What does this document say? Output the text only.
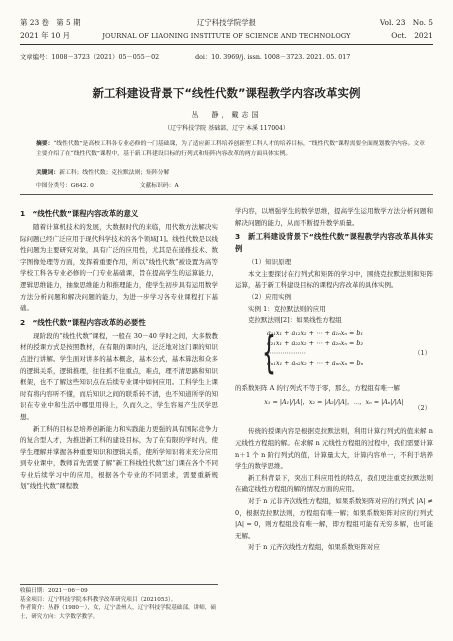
第 23 卷　第 5 期	辽宁科技学院学报	Vol. 23　No. 5
2021 年 10 月	JOURNAL OF LIAONING INSTITUTE OF SCIENCE AND TECHNOLOGY	Oct.　2021
文章编号：1008－3723（2021）05－055－02	doi：10. 3969/j. issn. 1008－3723. 2021. 05. 017
新工科建设背景下“线性代数”课程教学内容改革实例
丛　静，戴志国
（辽宁科技学院 基础部，辽宁 本溪 117004）
摘要：“线性代数”是高校工科各专业必修的一门基础课，为了适应新工科培养创新型工科人才的培养目标，“线性代数”课程需要全面规划教学内容。文章主要介绍了在“线性代数”课程中，基于新工科建设目标的行列式和矩阵内容改革的两方面具体实例。
关键词：新工科；线性代数；克拉默法则；矩阵分解
中图分类号：G642. 0	文献标识码：A
1　“线性代数”课程内容改革的意义

随着计算机技术的发展，大数据时代的来临，用代数方法解决实际问题已经广泛应用于现代科学技术的各个领域[1]。线性代数是以线性问题为主要研究对象，具有广泛的应用性，尤其是在递推技术、数字图像处理等方面，发挥着重要作用，所以“线性代数”被设置为高等学校工科各专业必修的一门专业基础课，旨在提高学生的运算能力，逻辑思维能力，抽象思维能力和推理能力，使学生初步具有运用数学方法分析问题和解决问题的能力，为进一步学习各专业课程打下基础。

2　“线性代数”课程内容改革的必要性

现阶段的“线性代数”课程，一般在 30－40 学时之间，大多数教材的授课方式是按照教材，在有限的课时内，泛泛地对这门课的知识点进行讲解。学生面对讲多的基本概念，基本公式，基本算法和众多的逻辑关系，逻辑推理，往往抓不住重点，难点，理不清思路和知识框架，也不了解这些知识点在后续专业课中如何应用。工科学生上课时有将内容听不懂，而后知识之间的联系转不清，也不知道所学的知识在专业中和生活中哪里用得上，久而久之，学生容易产生厌学思想。

新工科的目标是培养创新能力和实践能力更强的具有国际竞争力的复合型人才，为推进新工科的建设目标，为了在有限的学时内，使学生理解并掌握各种重要知识和逻辑关系，使所学知识将来充分应用到专业课中，教师首先需要了解“新工科线性代数”这门课在各个不同专业后续学习中的应用，根据各个专业的不同需求，需要重新规划“线性代数”课程教

学内容，以增强学生的数学思维，提高学生运用数学方法分析问题和解决问题的能力，从而不断提升教学质量。

3　新工科建设背景下“线性代数”课程教学内容改革具体实例

（1）知识原理

本文主要探讨在行列式和矩阵的学习中，围绕克拉默法则和矩阵运算，基于新工科建设目标的课程内容改革的具体实例。

（2）应用实例

实例 1：克拉默法则的应用

克拉默法则[2]：如果线性方程组

{
a₁₁x₁ + a₁₂x₂ + ⋯ + a₁ₙxₙ = b₁
a₂₁x₁ + a₂₂x₂ + ⋯ + a₂ₙxₙ = b₂
⋯⋯⋯⋯⋯⋯
aₙ₁x₁ + aₙ₂x₂ + ⋯ + aₙₙxₙ = bₙ
（1）

的系数矩阵 A 的行列式不等于零，那么，方程组有唯一解

x₁ = |A₁|/|A|，x₂ = |A₂|/|A|，⋯，xₙ = |Aₙ|/|A|
（2）

传统的授课内容是根据克拉默法则，利用计算行列式的值来解 n 元线性方程组的解。在求解 n 元线性方程组的过程中，我们需要计算 n＋1 个 n 阶行列式的值，计算量太大，计算内容单一，不利于培养学生的数学思维。

新工科背景下，突出工科应用性的特点，我们更注重克拉默法则在确定线性方程组的解的情况方面的应用。

对于 n 元非齐次线性方程组，如果系数矩阵对应的行列式 |A| ≠ 0，根据克拉默法则，方程组有唯一解；如果系数矩阵对应的行列式 |A| = 0，则方程组没有唯一解，即方程组可能有无穷多解，也可能无解。

对于 n 元齐次线性方程组，如果系数矩阵对应

收稿日期：2021－06－09
基金项目：辽宁科技学院本科教学改革研究项目（2021053）。
作者简介：丛静（1980－），女，辽宁盖州人，辽宁科技学院基础部，讲师，硕士，研究方向：大学数学教学。
